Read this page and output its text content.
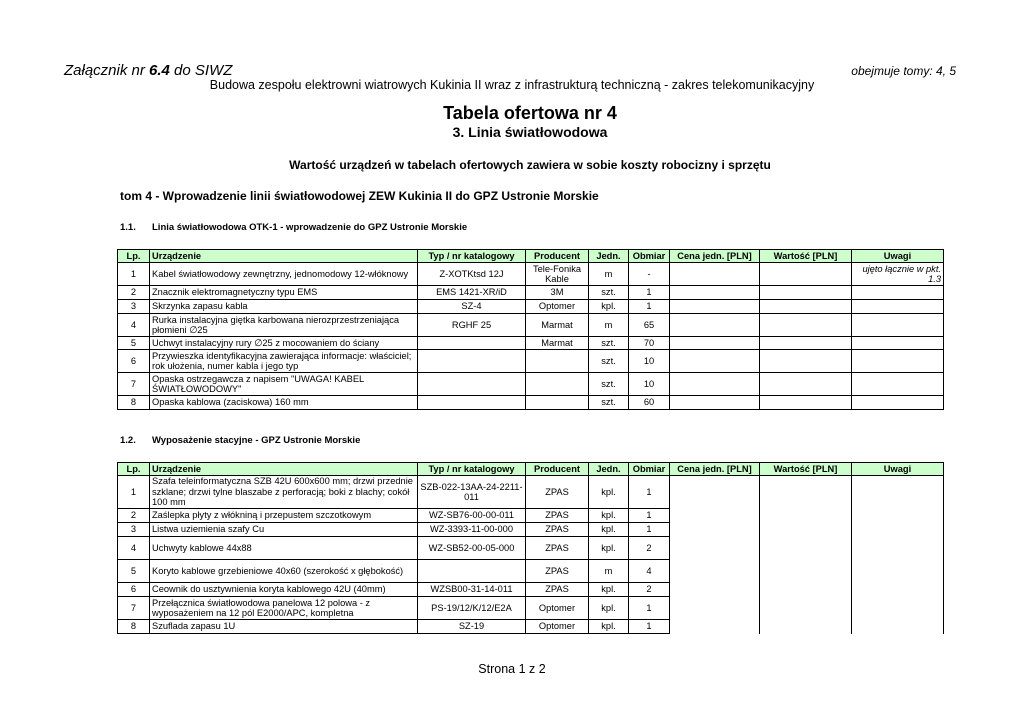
Załącznik nr 6.4 do SIWZ	obejmuje tomy: 4, 5
Budowa zespołu elektrowni wiatrowych Kukinia II wraz z infrastrukturą techniczną - zakres telekomunikacyjny
Tabela ofertowa nr 4
3. Linia światłowodowa
Wartość urządzeń w tabelach ofertowych zawiera w sobie koszty robocizny i sprzętu
tom 4 - Wprowadzenie linii światłowodowej ZEW Kukinia II do GPZ Ustronie Morskie
1.1. Linia światłowodowa OTK-1 - wprowadzenie do GPZ Ustronie Morskie
Lp.	Urządzenie	Typ / nr katalogowy	Producent	Jedn.	Obmiar	Cena jedn. [PLN]	Wartość [PLN]	Uwagi
1	Kabel światłowodowy zewnętrzny, jednomodowy 12-włóknowy	Z-XOTKtsd 12J	Tele-Fonika Kable	m	-			ujęto łącznie w pkt. 1.3
2	Znacznik elektromagnetyczny typu EMS	EMS 1421-XR/iD	3M	szt.	1			
3	Skrzynka zapasu kabla	SZ-4	Optomer	kpl.	1			
4	Rurka instalacyjna giętka karbowana nierozprzestrzeniająca płomieni ∅25	RGHF 25	Marmat	m	65			
5	Uchwyt instalacyjny rury ∅25 z mocowaniem do ściany		Marmat	szt.	70			
6	Przywieszka identyfikacyjna zawierająca informacje: właściciel; rok ułożenia, numer kabla i jego typ			szt.	10			
7	Opaska ostrzegawcza z napisem "UWAGA! KABEL ŚWIATŁOWODOWY"			szt.	10			
8	Opaska kablowa (zaciskowa) 160 mm			szt.	60			
1.2. Wyposażenie stacyjne - GPZ Ustronie Morskie
Lp.	Urządzenie	Typ / nr katalogowy	Producent	Jedn.	Obmiar	Cena jedn. [PLN]	Wartość [PLN]	Uwagi
1	Szafa teleinformatyczna SZB 42U 600x600 mm; drzwi przednie szklane; drzwi tylne blaszabe z perforacją; boki z blachy; cokół 100 mm	SZB-022-13AA-24-2211-011	ZPAS	kpl.	1			
2	Zaślepka płyty z włókniną i przepustem szczotkowym	WZ-SB76-00-00-011	ZPAS	kpl.	1			
3	Listwa uziemienia szafy Cu	WZ-3393-11-00-000	ZPAS	kpl.	1			
4	Uchwyty kablowe 44x88	WZ-SB52-00-05-000	ZPAS	kpl.	2			
5	Koryto kablowe grzebieniowe 40x60 (szerokość x głębokość)		ZPAS	m	4			
6	Ceownik do usztywnienia koryta kablowego 42U (40mm)	WZSB00-31-14-011	ZPAS	kpl.	2			
7	Przełącznica światłowodowa panelowa 12 polowa - z wyposażeniem na 12 pól E2000/APC, kompletna	PS-19/12/K/12/E2A	Optomer	kpl.	1			
8	Szuflada zapasu 1U	SZ-19	Optomer	kpl.	1			
Strona 1 z 2
